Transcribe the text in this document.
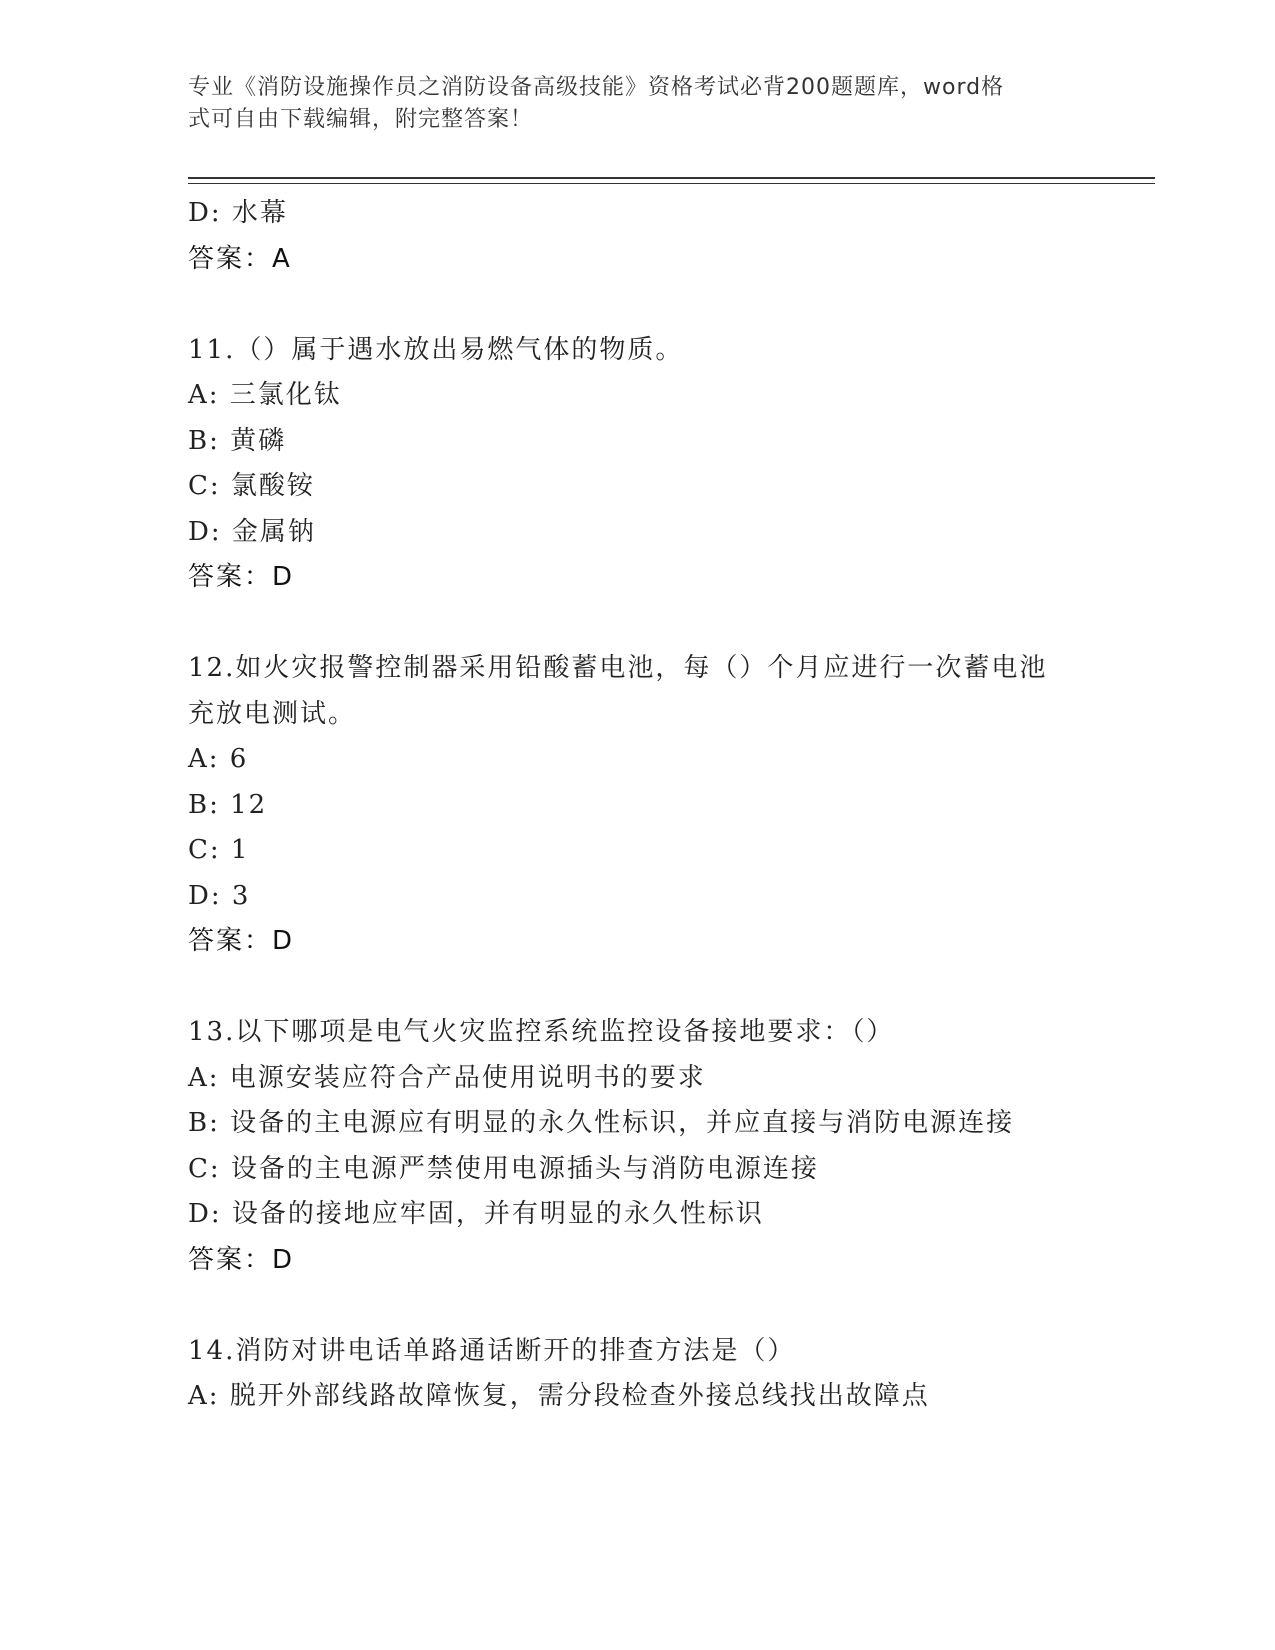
专业《消防设施操作员之消防设备高级技能》资格考试必背200题题库，word格
式可自由下载编辑，附完整答案！
D: 水幕
答案：A
11.（）属于遇水放出易燃气体的物质。
A: 三氯化钛
B: 黄磷
C: 氯酸铵
D: 金属钠
答案：D
12.如火灾报警控制器采用铅酸蓄电池，每（）个月应进行一次蓄电池
充放电测试。
A: 6
B: 12
C: 1
D: 3
答案：D
13.以下哪项是电气火灾监控系统监控设备接地要求：（）
A: 电源安装应符合产品使用说明书的要求
B: 设备的主电源应有明显的永久性标识，并应直接与消防电源连接
C: 设备的主电源严禁使用电源插头与消防电源连接
D: 设备的接地应牢固，并有明显的永久性标识
答案：D
14.消防对讲电话单路通话断开的排查方法是（）
A: 脱开外部线路故障恢复，需分段检查外接总线找出故障点
